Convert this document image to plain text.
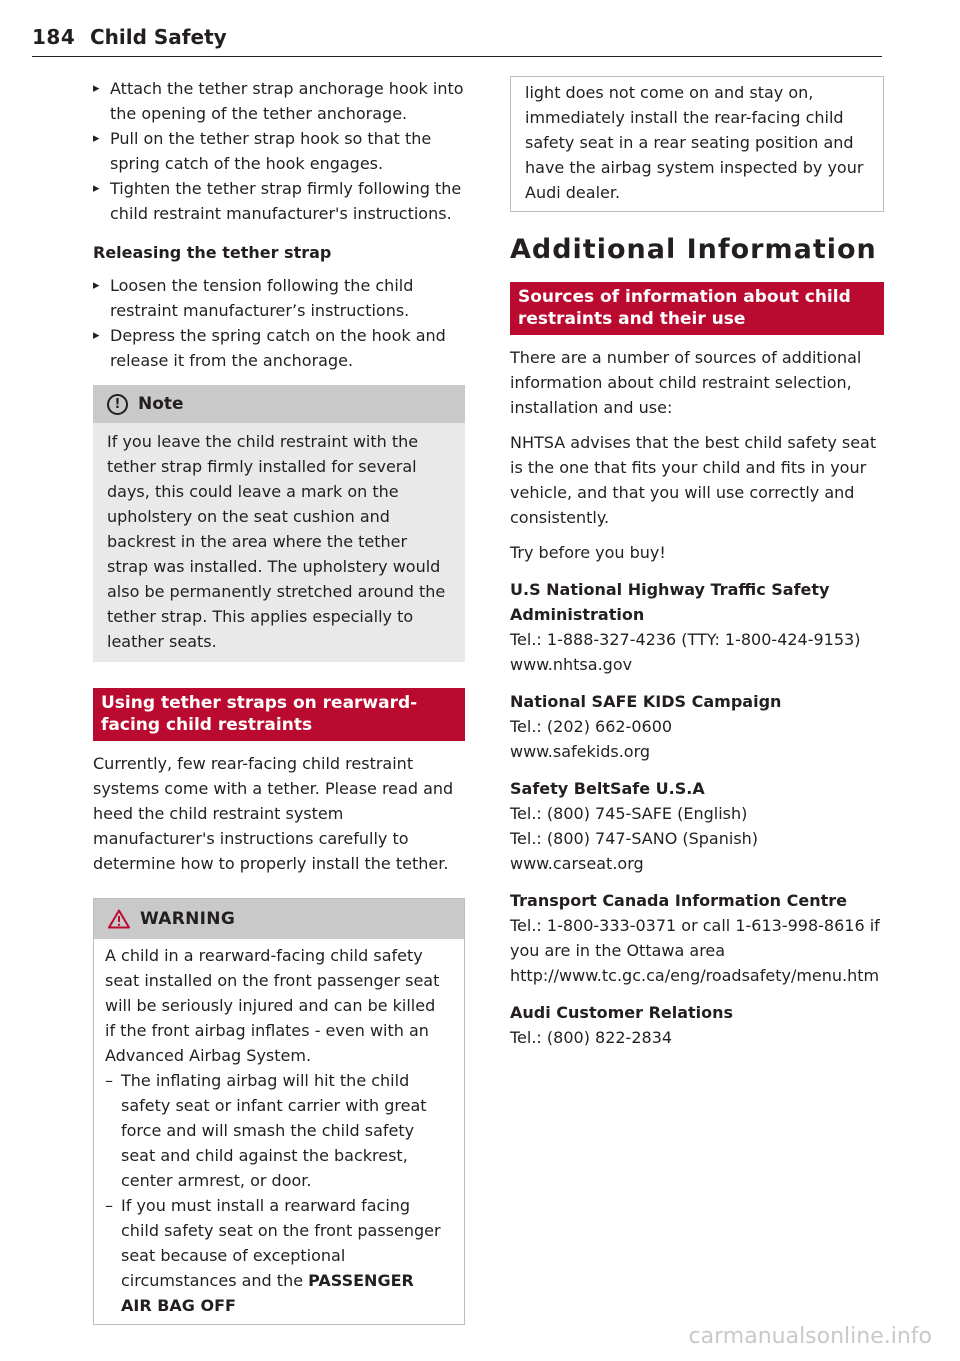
184 Child Safety
▸ Attach the tether strap anchorage hook into the opening of the tether anchorage.
▸ Pull on the tether strap hook so that the spring catch of the hook engages.
▸ Tighten the tether strap firmly following the child restraint manufacturer's instructions.
Releasing the tether strap
▸ Loosen the tension following the child restraint manufacturer’s instructions.
▸ Depress the spring catch on the hook and release it from the anchorage.
!	Note
If you leave the child restraint with the tether strap firmly installed for several days, this could leave a mark on the upholstery on the seat cushion and backrest in the area where the tether strap was installed. The upholstery would also be permanently stretched around the tether strap. This applies especially to leather seats.
Using tether straps on rearward-facing child restraints

Currently, few rear-facing child restraint systems come with a tether. Please read and heed the child restraint system manufacturer's instructions carefully to determine how to properly install the tether.

WARNING
A child in a rearward-facing child safety seat installed on the front passenger seat will be seriously injured and can be killed if the front airbag inflates - even with an Advanced Airbag System.
– The inflating airbag will hit the child safety seat or infant carrier with great force and will smash the child safety seat and child against the backrest, center armrest, or door.
– If you must install a rearward facing child safety seat on the front passenger seat because of exceptional circumstances and the PASSENGER AIR BAG OFF
light does not come on and stay on, immediately install the rear-facing child safety seat in a rear seating position and have the airbag system inspected by your Audi dealer.
Additional Information
Sources of information about child restraints and their use

There are a number of sources of additional information about child restraint selection, installation and use:

NHTSA advises that the best child safety seat is the one that fits your child and fits in your vehicle, and that you will use correctly and consistently.

Try before you buy!

U.S National Highway Traffic Safety Administration
Tel.: 1-888-327-4236 (TTY: 1-800-424-9153)
www.nhtsa.gov
National SAFE KIDS Campaign
Tel.: (202) 662-0600
www.safekids.org
Safety BeltSafe U.S.A
Tel.: (800) 745-SAFE (English)
Tel.: (800) 747-SANO (Spanish)
www.carseat.org
Transport Canada Information Centre
Tel.: 1-800-333-0371 or call 1-613-998-8616 if you are in the Ottawa area
http://www.tc.gc.ca/eng/roadsafety/menu.htm
Audi Customer Relations
Tel.: (800) 822-2834
carmanualsonline.info
